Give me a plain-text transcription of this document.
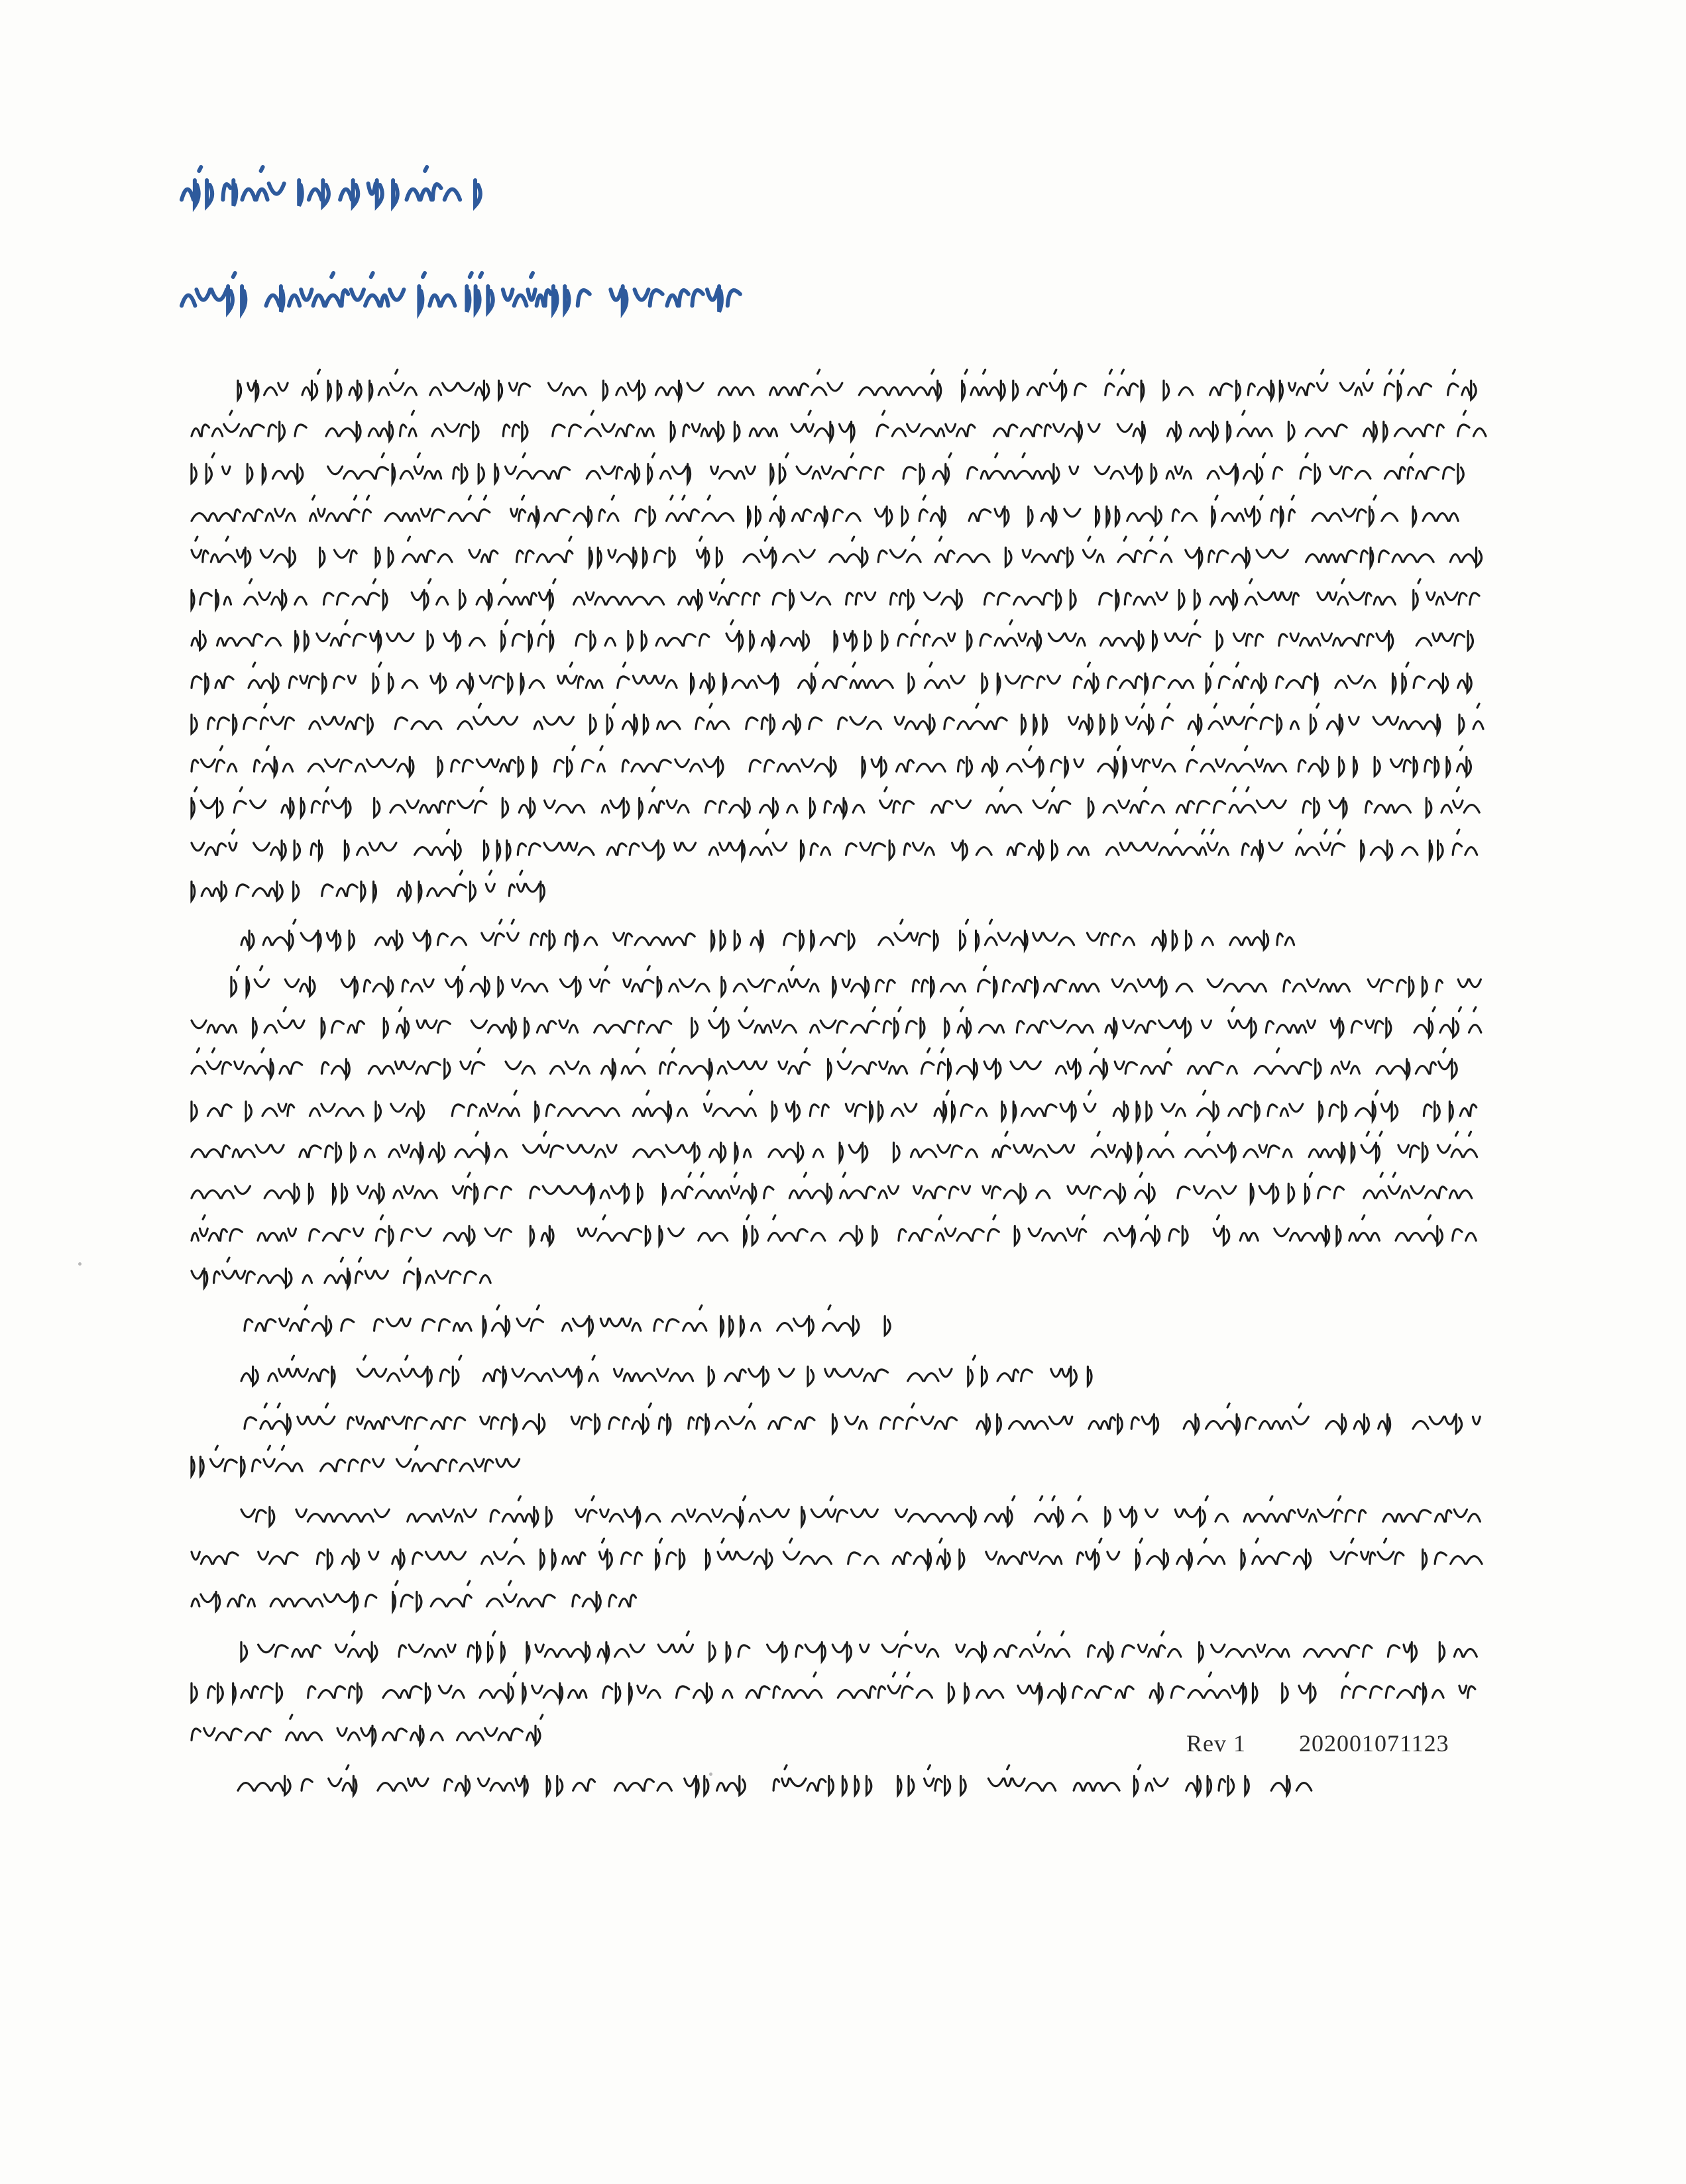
Rev 1 202001071123
